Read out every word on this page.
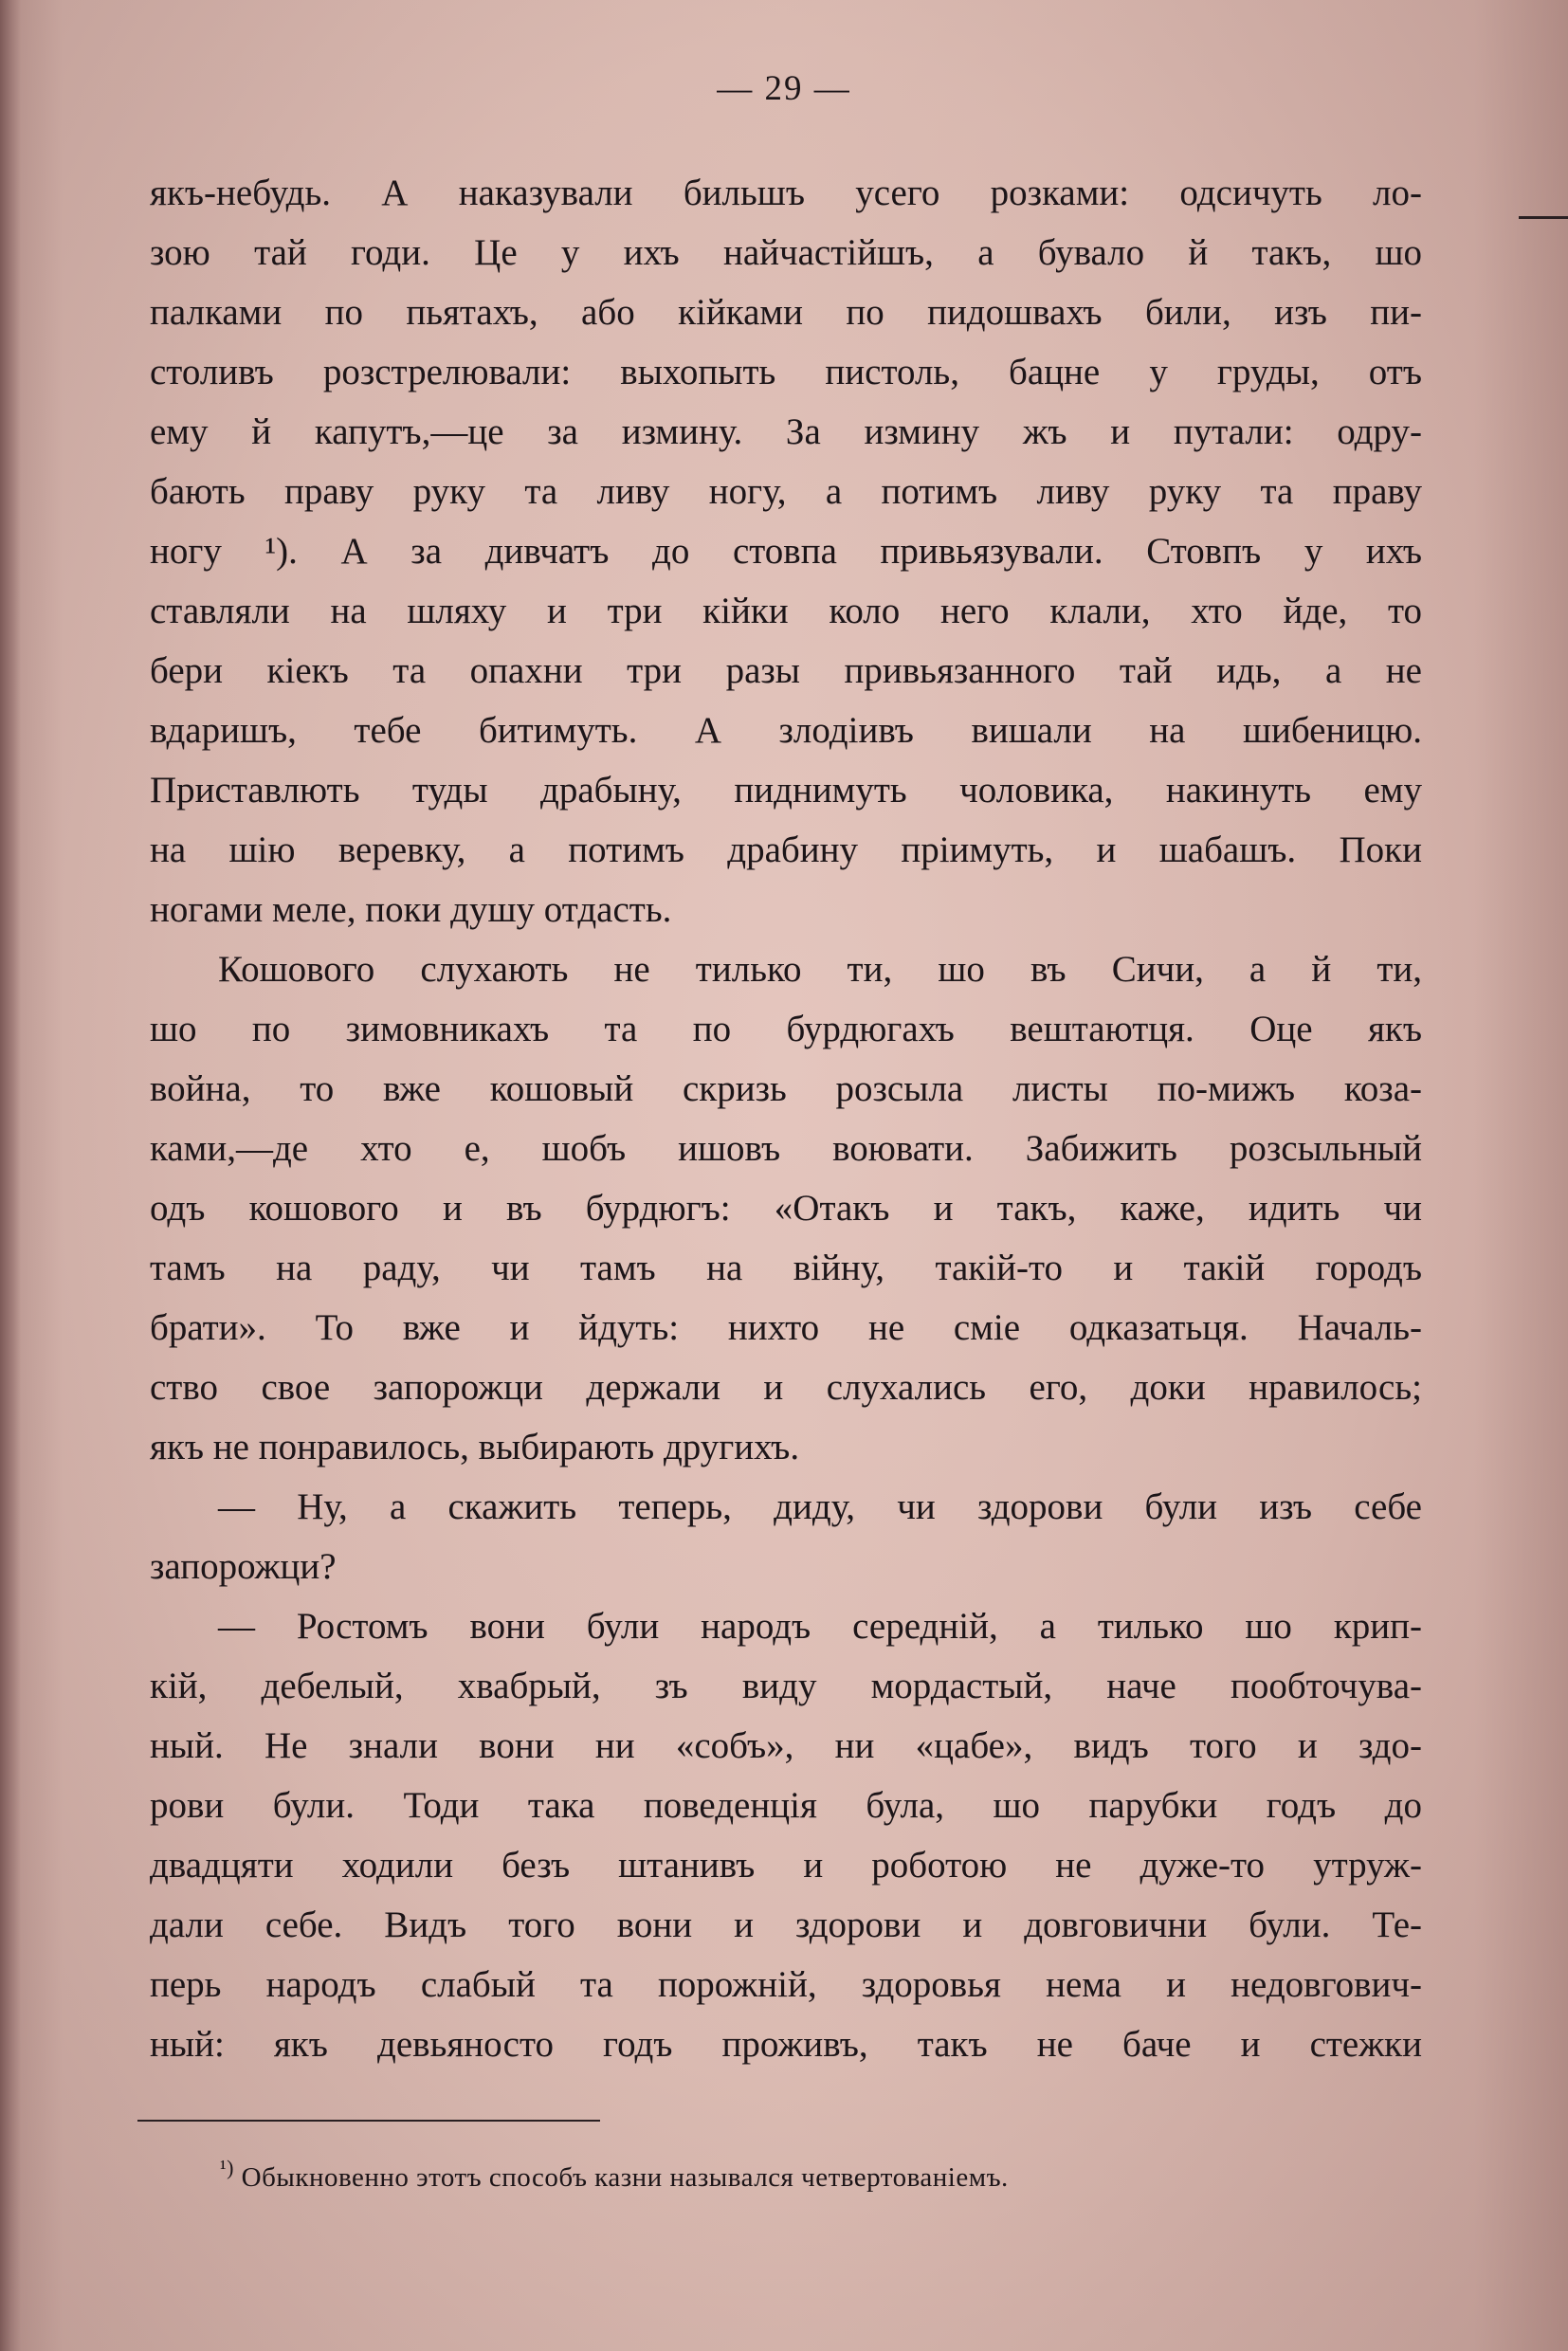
— 29 —
якъ-нeбудь. А наказували бильшъ усего розками: одсичуть ло-
зою тай годи. Це у ихъ найчастійшъ, а бувало й такъ, шо
палками по пьятахъ, або кійками по пидошвахъ били, изъ пи-
столивъ розстрелювали: выхопыть пистоль, бацне у груды, отъ
ему й капутъ,—це за измину. За измину жъ и путали: одру-
бають праву руку та ливу ногу, а потимъ ливу руку та праву
ногу ¹). А за дивчатъ до стовпа привьязували. Стовпъ у ихъ
ставляли на шляху и три кійки коло него клали, хто йде, то
бери кіекъ та опахни три разы привьязанного тай идь, а не
вдаришъ, тебе битимуть. А злодіивъ вишали на шибеницю.
Приставлють туды драбыну, пиднимуть чоловика, накинуть ему
на шію веревку, а потимъ драбину пріимуть, и шабашъ. Поки
ногами меле, поки душу отдасть.
Кошового слухають не тилько ти, шо въ Сичи, а й ти,
шо по зимовникахъ та по бурдюгахъ вештаютця. Оце якъ
война, то вже кошовый скризь розсыла листы по-мижъ коза-
ками,—де хто е, шобъ ишовъ воювати. Забижить розсыльный
одъ кошового и въ бурдюгъ: «Отакъ и такъ, каже, идить чи
тамъ на раду, чи тамъ на війну, такій-то и такій городъ
брати». То вже и йдуть: нихто не сміе одказатьця. Началь-
ство свое запорожци держали и слухались его, доки нравилось;
якъ не понравилось, выбирають другихъ.
— Ну, а скажить теперь, диду, чи здорови були изъ себе
запорожци?
— Ростомъ вони були народъ середній, а тилько шо крип-
кій, дебелый, хвабрый, зъ виду мордастый, наче пообточува-
ный. Не знали вони ни «собъ», ни «цабе», видъ того и здо-
рови були. Тоди така поведенція була, шо парубки годъ до
двадцяти ходили безъ штанивъ и роботою не дуже-то утруж-
дали себе. Видъ того вони и здорови и довговични були. Те-
перь народъ слабый та порожній, здоровья нема и недовгович-
ный: якъ девьяносто годъ проживъ, такъ не баче и стежки
$^{^1)}$ Обыкновенно этотъ способъ казни назывался четвертованіемъ.
